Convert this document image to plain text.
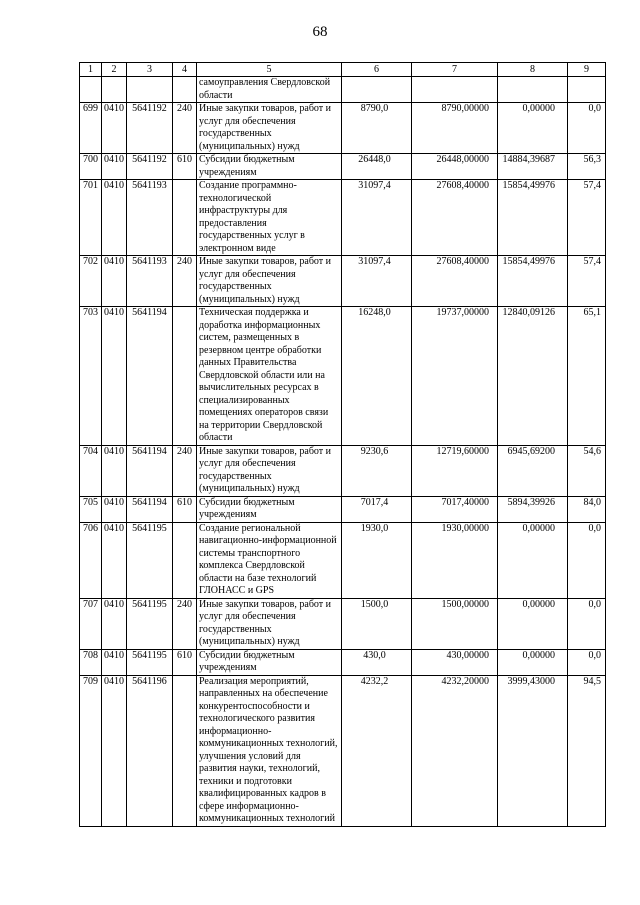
68
1	2	3	4	5	6	7	8	9
				самоуправления Свердловской области				
699	0410	5641192	240	Иные закупки товаров, работ и услуг для обеспечения государственных (муниципальных) нужд	8790,0	8790,00000	0,00000	0,0
700	0410	5641192	610	Субсидии бюджетным учреждениям	26448,0	26448,00000	14884,39687	56,3
701	0410	5641193		Создание программно-технологической инфраструктуры для предоставления государственных услуг в электронном виде	31097,4	27608,40000	15854,49976	57,4
702	0410	5641193	240	Иные закупки товаров, работ и услуг для обеспечения государственных (муниципальных) нужд	31097,4	27608,40000	15854,49976	57,4
703	0410	5641194		Техническая поддержка и доработка информационных систем, размещенных в резервном центре обработки данных Правительства Свердловской области или на вычислительных ресурсах в специализированных помещениях операторов связи на территории Свердловской области	16248,0	19737,00000	12840,09126	65,1
704	0410	5641194	240	Иные закупки товаров, работ и услуг для обеспечения государственных (муниципальных) нужд	9230,6	12719,60000	6945,69200	54,6
705	0410	5641194	610	Субсидии бюджетным учреждениям	7017,4	7017,40000	5894,39926	84,0
706	0410	5641195		Создание региональной навигационно-информационной системы транспортного комплекса Свердловской области на базе технологий ГЛОНАСС и GPS	1930,0	1930,00000	0,00000	0,0
707	0410	5641195	240	Иные закупки товаров, работ и услуг для обеспечения государственных (муниципальных) нужд	1500,0	1500,00000	0,00000	0,0
708	0410	5641195	610	Субсидии бюджетным учреждениям	430,0	430,00000	0,00000	0,0
709	0410	5641196		Реализация мероприятий, направленных на обеспечение конкурентоспособности и технологического развития информационно-коммуникационных технологий, улучшения условий для развития науки, технологий, техники и подготовки квалифицированных кадров в сфере информационно-коммуникационных технологий	4232,2	4232,20000	3999,43000	94,5
